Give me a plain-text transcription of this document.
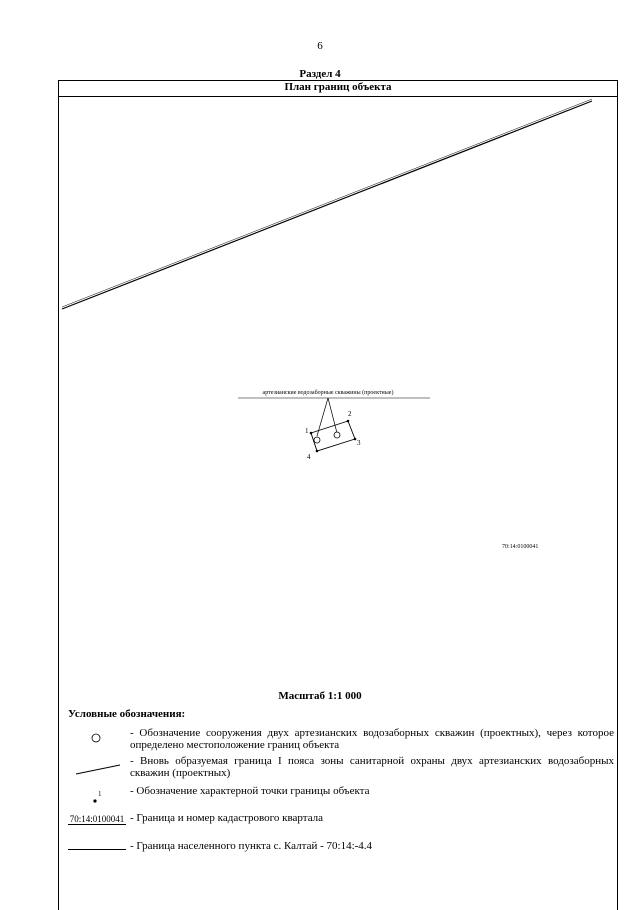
6
Раздел 4
План границ объекта
артезианские водозаборные скважины (проектные)
1
2
3
4
70:14:0100041
Масштаб 1:1 000
Условные обозначения:
- Обозначение сооружения двух артезианских водозаборных скважин (проектных), через которое определено местоположение границ объекта
- Вновь образуемая граница I пояса зоны санитарной охраны двух артезианских водозаборных скважин (проектных)
1	- Обозначение характерной точки границы объекта
70:14:0100041 - Граница и номер кадастрового квартала
- Граница населенного пункта с. Калтай - 70:14:-4.4
